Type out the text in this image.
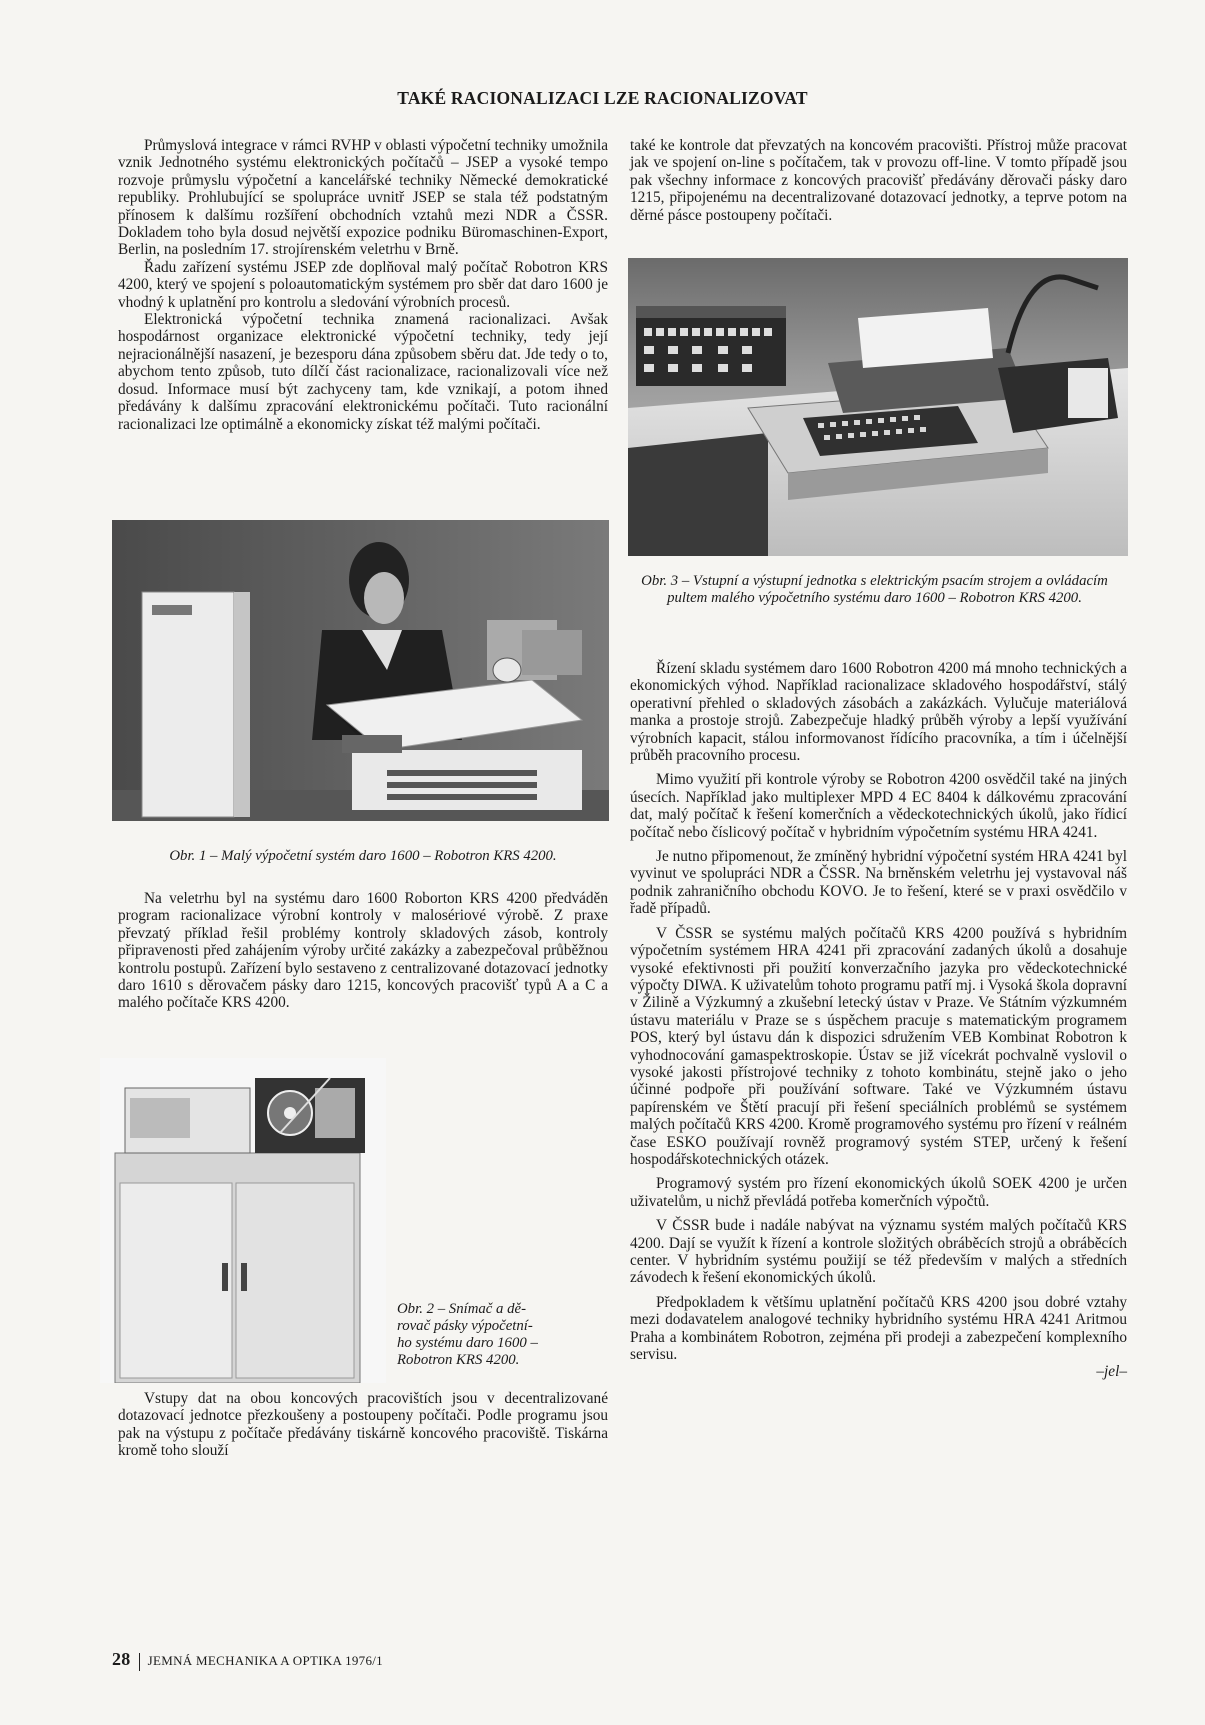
TAKÉ RACIONALIZACI LZE RACIONALIZOVAT

Průmyslová integrace v rámci RVHP v oblasti výpočetní techniky umožnila vznik Jednotného systému elektronických počítačů – JSEP a vysoké tempo rozvoje průmyslu výpočetní a kancelářské techniky Německé demokratické republiky. Prohlubující se spolupráce uvnitř JSEP se stala též podstatným přínosem k dalšímu rozšíření obchodních vztahů mezi NDR a ČSSR. Dokladem toho byla dosud největší expozice podniku Büromaschinen-Export, Berlin, na posledním 17. strojírenském veletrhu v Brně.

Řadu zařízení systému JSEP zde doplňoval malý počítač Robotron KRS 4200, který ve spojení s poloautomatickým systémem pro sběr dat daro 1600 je vhodný k uplatnění pro kontrolu a sledování výrobních procesů.

Elektronická výpočetní technika znamená racionalizaci. Avšak hospodárnost organizace elektronické výpočetní techniky, tedy její nejracionálnější nasazení, je bezesporu dána způsobem sběru dat. Jde tedy o to, abychom tento způsob, tuto dílčí část racionalizace, racionalizovali více než dosud. Informace musí být zachyceny tam, kde vznikají, a potom ihned předávány k dalšímu zpracování elektronickému počítači. Tuto racionální racionalizaci lze optimálně a ekonomicky získat též malými počítači.

Obr. 3 – Vstupní a výstupní jednotka s elektrickým psacím strojem a ovládacím pultem malého výpočetního systému daro 1600 – Robotron KRS 4200.
Obr. 1 – Malý výpočetní systém daro 1600 – Robotron KRS 4200.

Na veletrhu byl na systému daro 1600 Roborton KRS 4200 předváděn program racionalizace výrobní kontroly v malosériové výrobě. Z praxe převzatý příklad řešil problémy kontroly skladových zásob, kontroly připravenosti před zahájením výroby určité zakázky a zabezpečoval průběžnou kontrolu postupů. Zařízení bylo sestaveno z centralizované dotazovací jednotky daro 1610 s děrovačem pásky daro 1215, koncových pracovišť typů A a C a malého počítače KRS 4200.

Obr. 2 – Snímač a dě-
rovač pásky výpočetní-
ho systému daro 1600 –
Robotron KRS 4200.

Vstupy dat na obou koncových pracovištích jsou v decentralizované dotazovací jednotce přezkoušeny a postoupeny počítači. Podle programu jsou pak na výstupu z počítače předávány tiskárně koncového pracoviště. Tiskárna kromě toho slouží

také ke kontrole dat převzatých na koncovém pracovišti. Přístroj může pracovat jak ve spojení on-line s počítačem, tak v provozu off-line. V tomto případě jsou pak všechny informace z koncových pracovišť předávány děrovači pásky daro 1215, připojenému na decentralizované dotazovací jednotky, a teprve potom na děrné pásce postoupeny počítači.

Řízení skladu systémem daro 1600 Robotron 4200 má mnoho technických a ekonomických výhod. Například racionalizace skladového hospodářství, stálý operativní přehled o skladových zásobách a zakázkách. Vylučuje materiálová manka a prostoje strojů. Zabezpečuje hladký průběh výroby a lepší využívání výrobních kapacit, stálou informovanost řídícího pracovníka, a tím i účelnější průběh pracovního procesu.

Mimo využití při kontrole výroby se Robotron 4200 osvědčil také na jiných úsecích. Například jako multiplexer MPD 4 EC 8404 k dálkovému zpracování dat, malý počítač k řešení komerčních a vědeckotechnických úkolů, jako řídicí počítač nebo číslicový počítač v hybridním výpočetním systému HRA 4241.

Je nutno připomenout, že zmíněný hybridní výpočetní systém HRA 4241 byl vyvinut ve spolupráci NDR a ČSSR. Na brněnském veletrhu jej vystavoval náš podnik zahraničního obchodu KOVO. Je to řešení, které se v praxi osvědčilo v řadě případů.

V ČSSR se systému malých počítačů KRS 4200 používá s hybridním výpočetním systémem HRA 4241 při zpracování zadaných úkolů a dosahuje vysoké efektivnosti při použití konverzačního jazyka pro vědeckotechnické výpočty DIWA. K uživatelům tohoto programu patří mj. i Vysoká škola dopravní v Žilině a Výzkumný a zkušební letecký ústav v Praze. Ve Státním výzkumném ústavu materiálu v Praze se s úspěchem pracuje s matematickým programem POS, který byl ústavu dán k dispozici sdružením VEB Kombinat Robotron k vyhodnocování gamaspektroskopie. Ústav se již vícekrát pochvalně vyslovil o vysoké jakosti přístrojové techniky z tohoto kombinátu, stejně jako o jeho účinné podpoře při používání software. Také ve Výzkumném ústavu papírenském ve Štětí pracují při řešení speciálních problémů se systémem malých počítačů KRS 4200. Kromě programového systému pro řízení v reálném čase ESKO používají rovněž programový systém STEP, určený k řešení hospodářskotechnických otázek.

Programový systém pro řízení ekonomických úkolů SOEK 4200 je určen uživatelům, u nichž převládá potřeba komerčních výpočtů.

V ČSSR bude i nadále nabývat na významu systém malých počítačů KRS 4200. Dají se využít k řízení a kontrole složitých obráběcích strojů a obráběcích center. V hybridním systému použijí se též především v malých a středních závodech k řešení ekonomických úkolů.

Předpokladem k většímu uplatnění počítačů KRS 4200 jsou dobré vztahy mezi dodavatelem analogové techniky hybridního systému HRA 4241 Aritmou Praha a kombinátem Robotron, zejména při prodeji a zabezpečení komplexního servisu.

–jel–
28 JEMNÁ MECHANIKA A OPTIKA 1976/1
